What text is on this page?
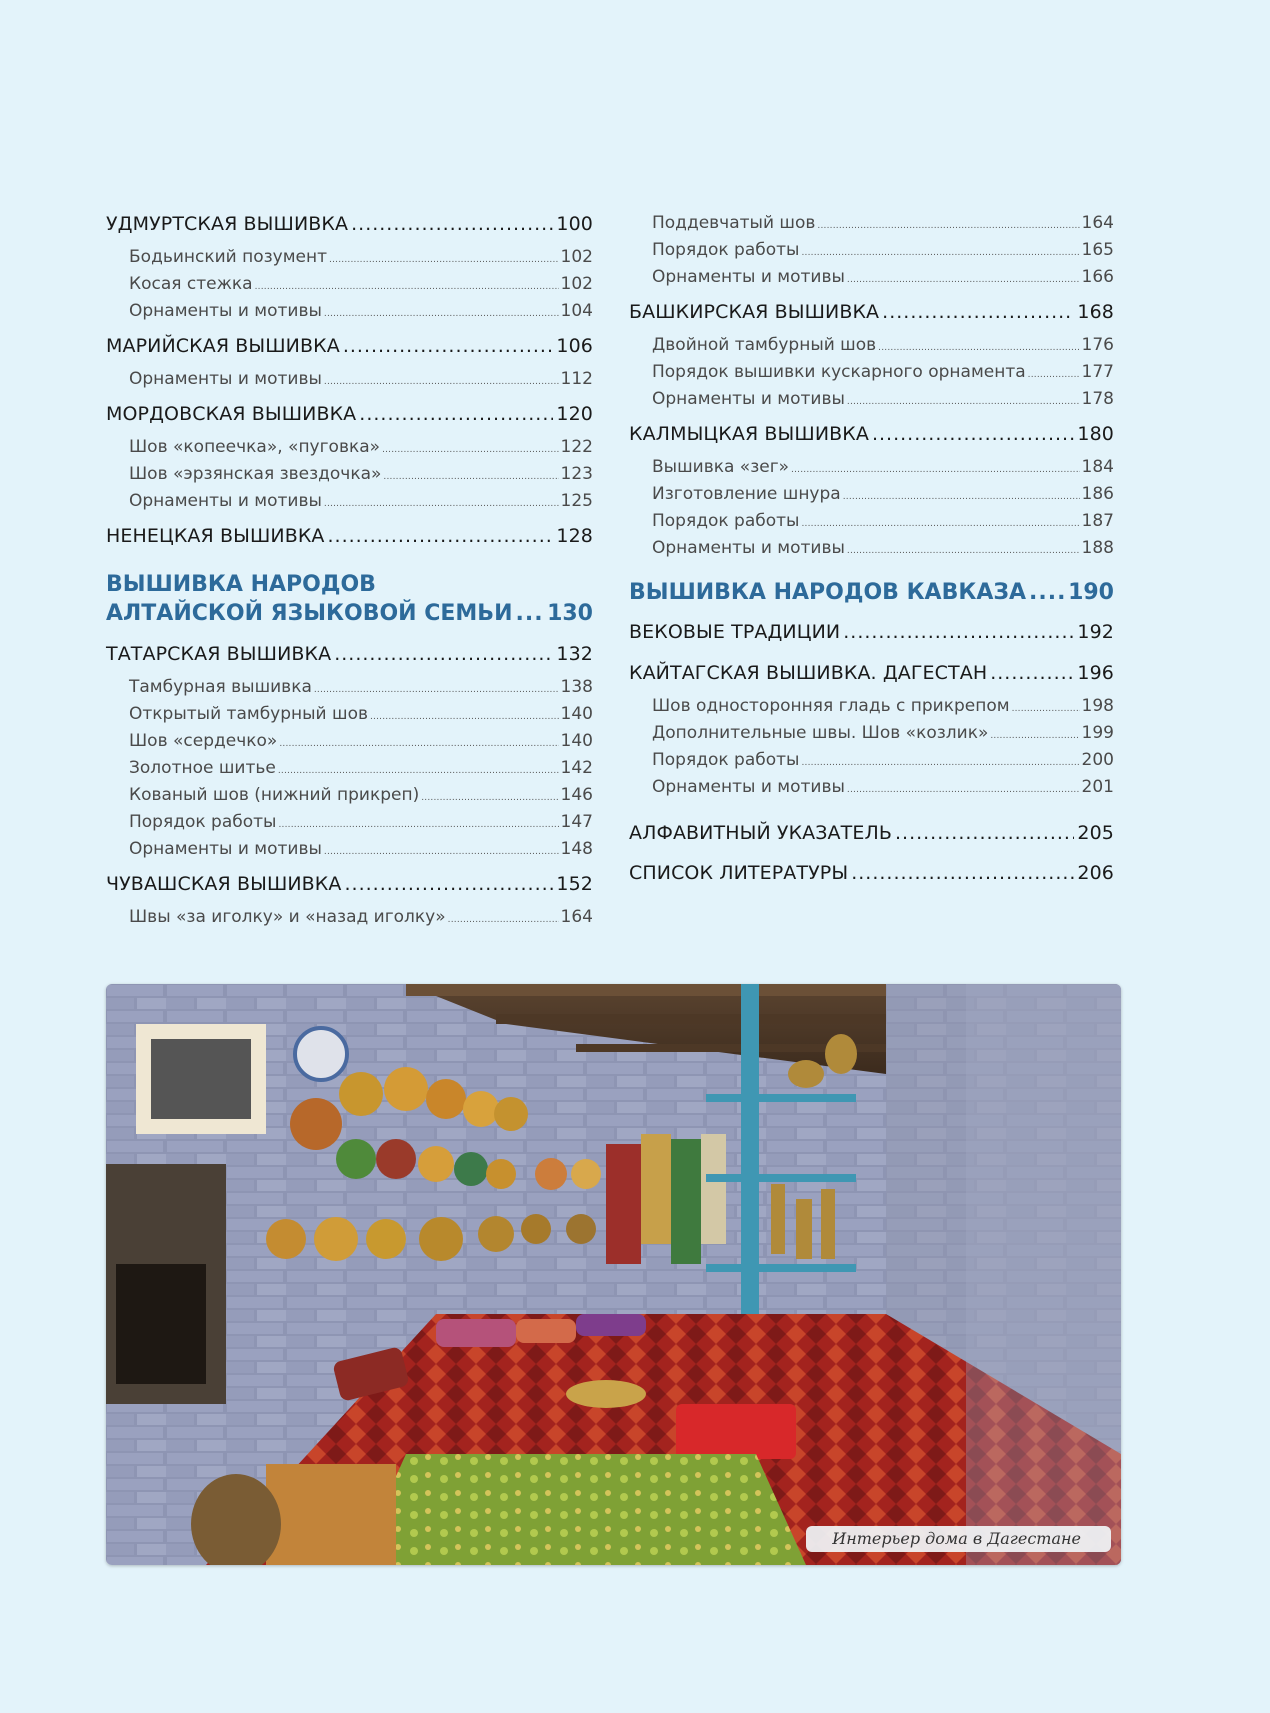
УДМУРТСКАЯ ВЫШИВКА .....	100
Бодьинский позумент .....	102
Косая стежка .....	102
Орнаменты и мотивы .....	104
МАРИЙСКАЯ ВЫШИВКА .....	106
Орнаменты и мотивы .....	112
МОРДОВСКАЯ ВЫШИВКА .....	120
Шов «копеечка», «пуговка» .....	122
Шов «эрзянская звездочка» .....	123
Орнаменты и мотивы .....	125
НЕНЕЦКАЯ ВЫШИВКА .....	128
ВЫШИВКА НАРОДОВ
АЛТАЙСКОЙ ЯЗЫКОВОЙ СЕМЬИ ..... 130
ТАТАРСКАЯ ВЫШИВКА .....	132
Тамбурная вышивка .....	138
Открытый тамбурный шов .....	140
Шов «сердечко» .....	140
Золотное шитье .....	142
Кованый шов (нижний прикреп) .....	146
Порядок работы .....	147
Орнаменты и мотивы .....	148
ЧУВАШСКАЯ ВЫШИВКА .....	152
Швы «за иголку» и «назад иголку» .....	164
Поддевчатый шов .....	164
Порядок работы .....	165
Орнаменты и мотивы .....	166
БАШКИРСКАЯ ВЫШИВКА .....	168
Двойной тамбурный шов .....	176
Порядок вышивки кускарного орнамента .....	177
Орнаменты и мотивы .....	178
КАЛМЫЦКАЯ ВЫШИВКА .....	180
Вышивка «зег» .....	184
Изготовление шнура .....	186
Порядок работы .....	187
Орнаменты и мотивы .....	188
ВЫШИВКА НАРОДОВ КАВКАЗА ..... 190
ВЕКОВЫЕ ТРАДИЦИИ .....	192
КАЙТАГСКАЯ ВЫШИВКА. ДАГЕСТАН .....	196
Шов односторонняя гладь с прикрепом .....	198
Дополнительные швы. Шов «козлик» .....	199
Порядок работы .....	200
Орнаменты и мотивы .....	201
АЛФАВИТНЫЙ УКАЗАТЕЛЬ .....	205
СПИСОК ЛИТЕРАТУРЫ .....	206
Интерьер дома в Дагестане
